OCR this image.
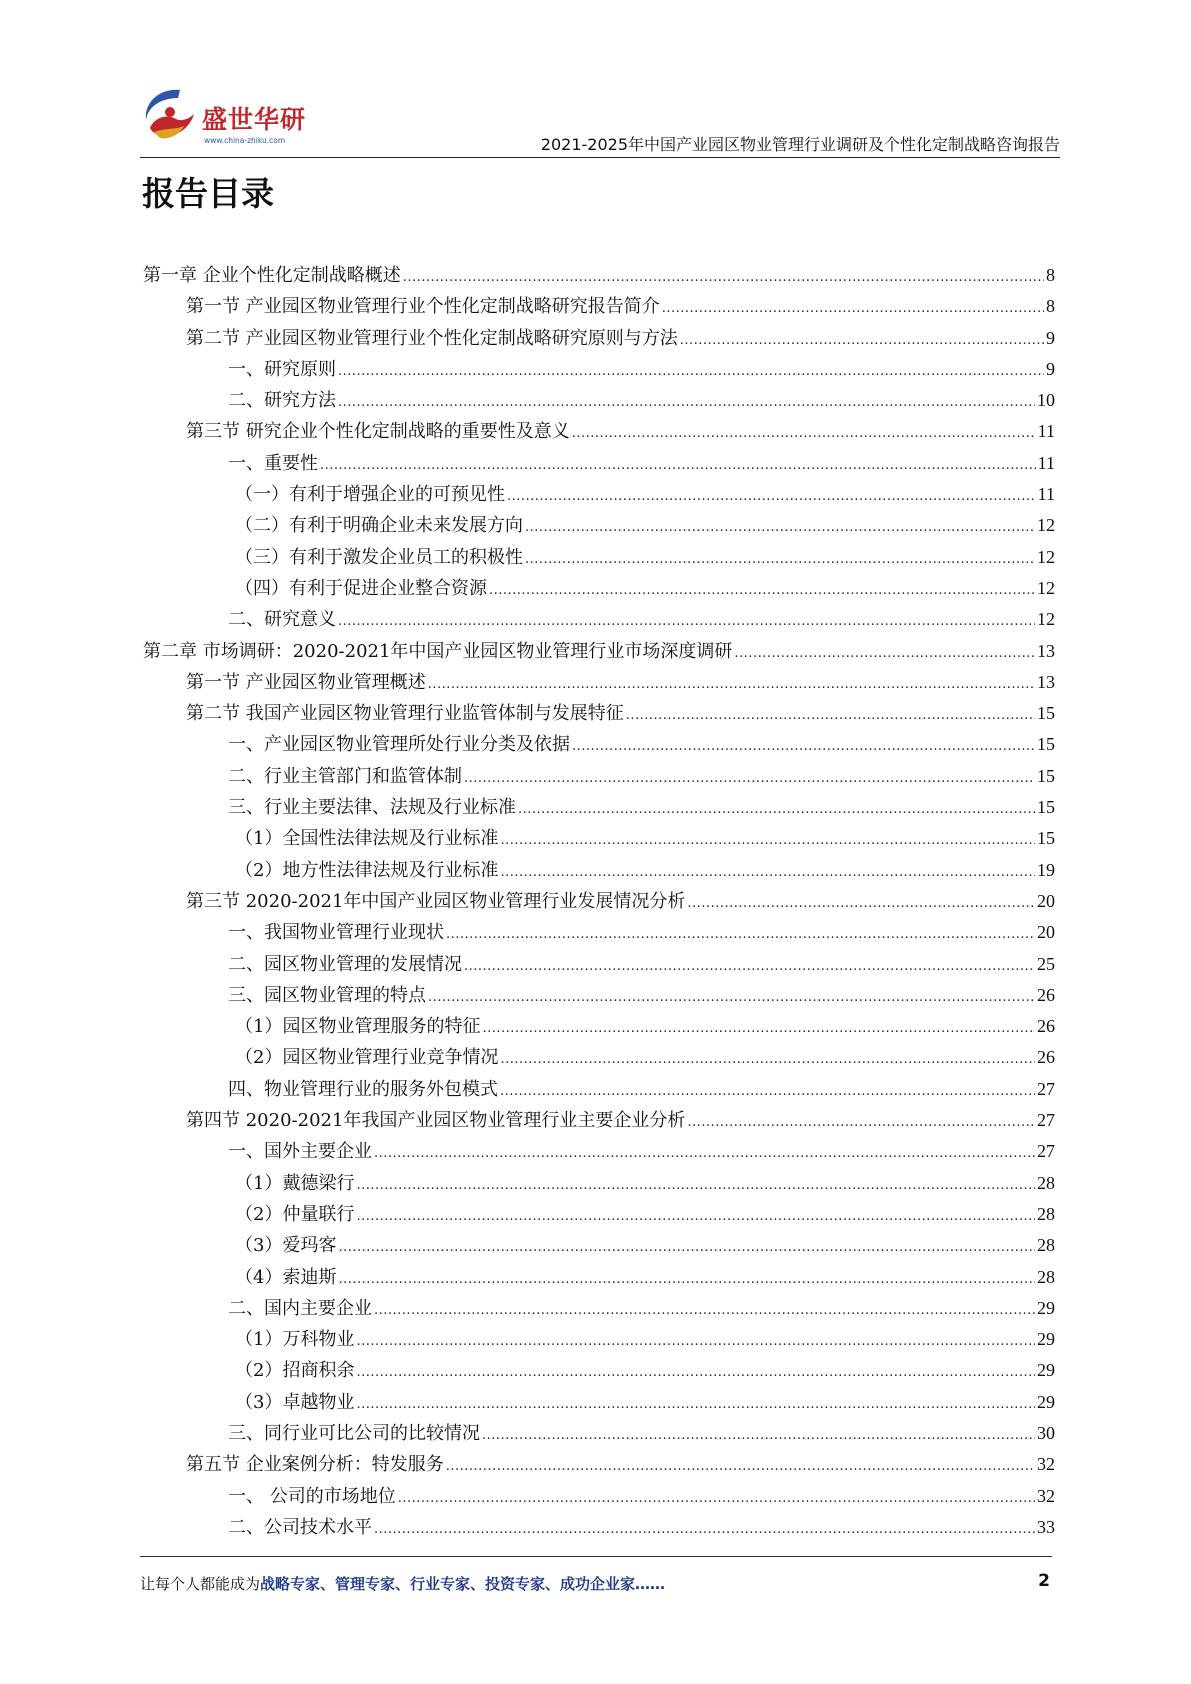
盛世华研
www.china-zhiku.com	2021-2025年中国产业园区物业管理行业调研及个性化定制战略咨询报告
报告目录
第一章 企业个性化定制战略概述 .....	8
第一节 产业园区物业管理行业个性化定制战略研究报告简介 .....	8
第二节 产业园区物业管理行业个性化定制战略研究原则与方法 .....	9
一、研究原则 .....	9
二、研究方法 .....	10
第三节 研究企业个性化定制战略的重要性及意义 .....	11
一、重要性 .....	11
（一）有利于增强企业的可预见性 .....	11
（二）有利于明确企业未来发展方向 .....	12
（三）有利于激发企业员工的积极性 .....	12
（四）有利于促进企业整合资源 .....	12
二、研究意义 .....	12
第二章 市场调研：2020-2021年中国产业园区物业管理行业市场深度调研 .....	13
第一节 产业园区物业管理概述 .....	13
第二节 我国产业园区物业管理行业监管体制与发展特征 .....	15
一、产业园区物业管理所处行业分类及依据 .....	15
二、行业主管部门和监管体制 .....	15
三、行业主要法律、法规及行业标准 .....	15
（1）全国性法律法规及行业标准 .....	15
（2）地方性法律法规及行业标准 .....	19
第三节 2020-2021年中国产业园区物业管理行业发展情况分析 .....	20
一、我国物业管理行业现状 .....	20
二、园区物业管理的发展情况 .....	25
三、园区物业管理的特点 .....	26
（1）园区物业管理服务的特征 .....	26
（2）园区物业管理行业竞争情况 .....	26
四、物业管理行业的服务外包模式 .....	27
第四节 2020-2021年我国产业园区物业管理行业主要企业分析 .....	27
一、国外主要企业 .....	27
（1）戴德梁行 .....	28
（2）仲量联行 .....	28
（3）爱玛客 .....	28
（4）索迪斯 .....	28
二、国内主要企业 .....	29
（1）万科物业 .....	29
（2）招商积余 .....	29
（3）卓越物业 .....	29
三、同行业可比公司的比较情况 .....	30
第五节 企业案例分析：特发服务 .....	32
一、 公司的市场地位 .....	32
二、公司技术水平 .....	33
让每个人都能成为战略专家、管理专家、行业专家、投资专家、成功企业家……	2
